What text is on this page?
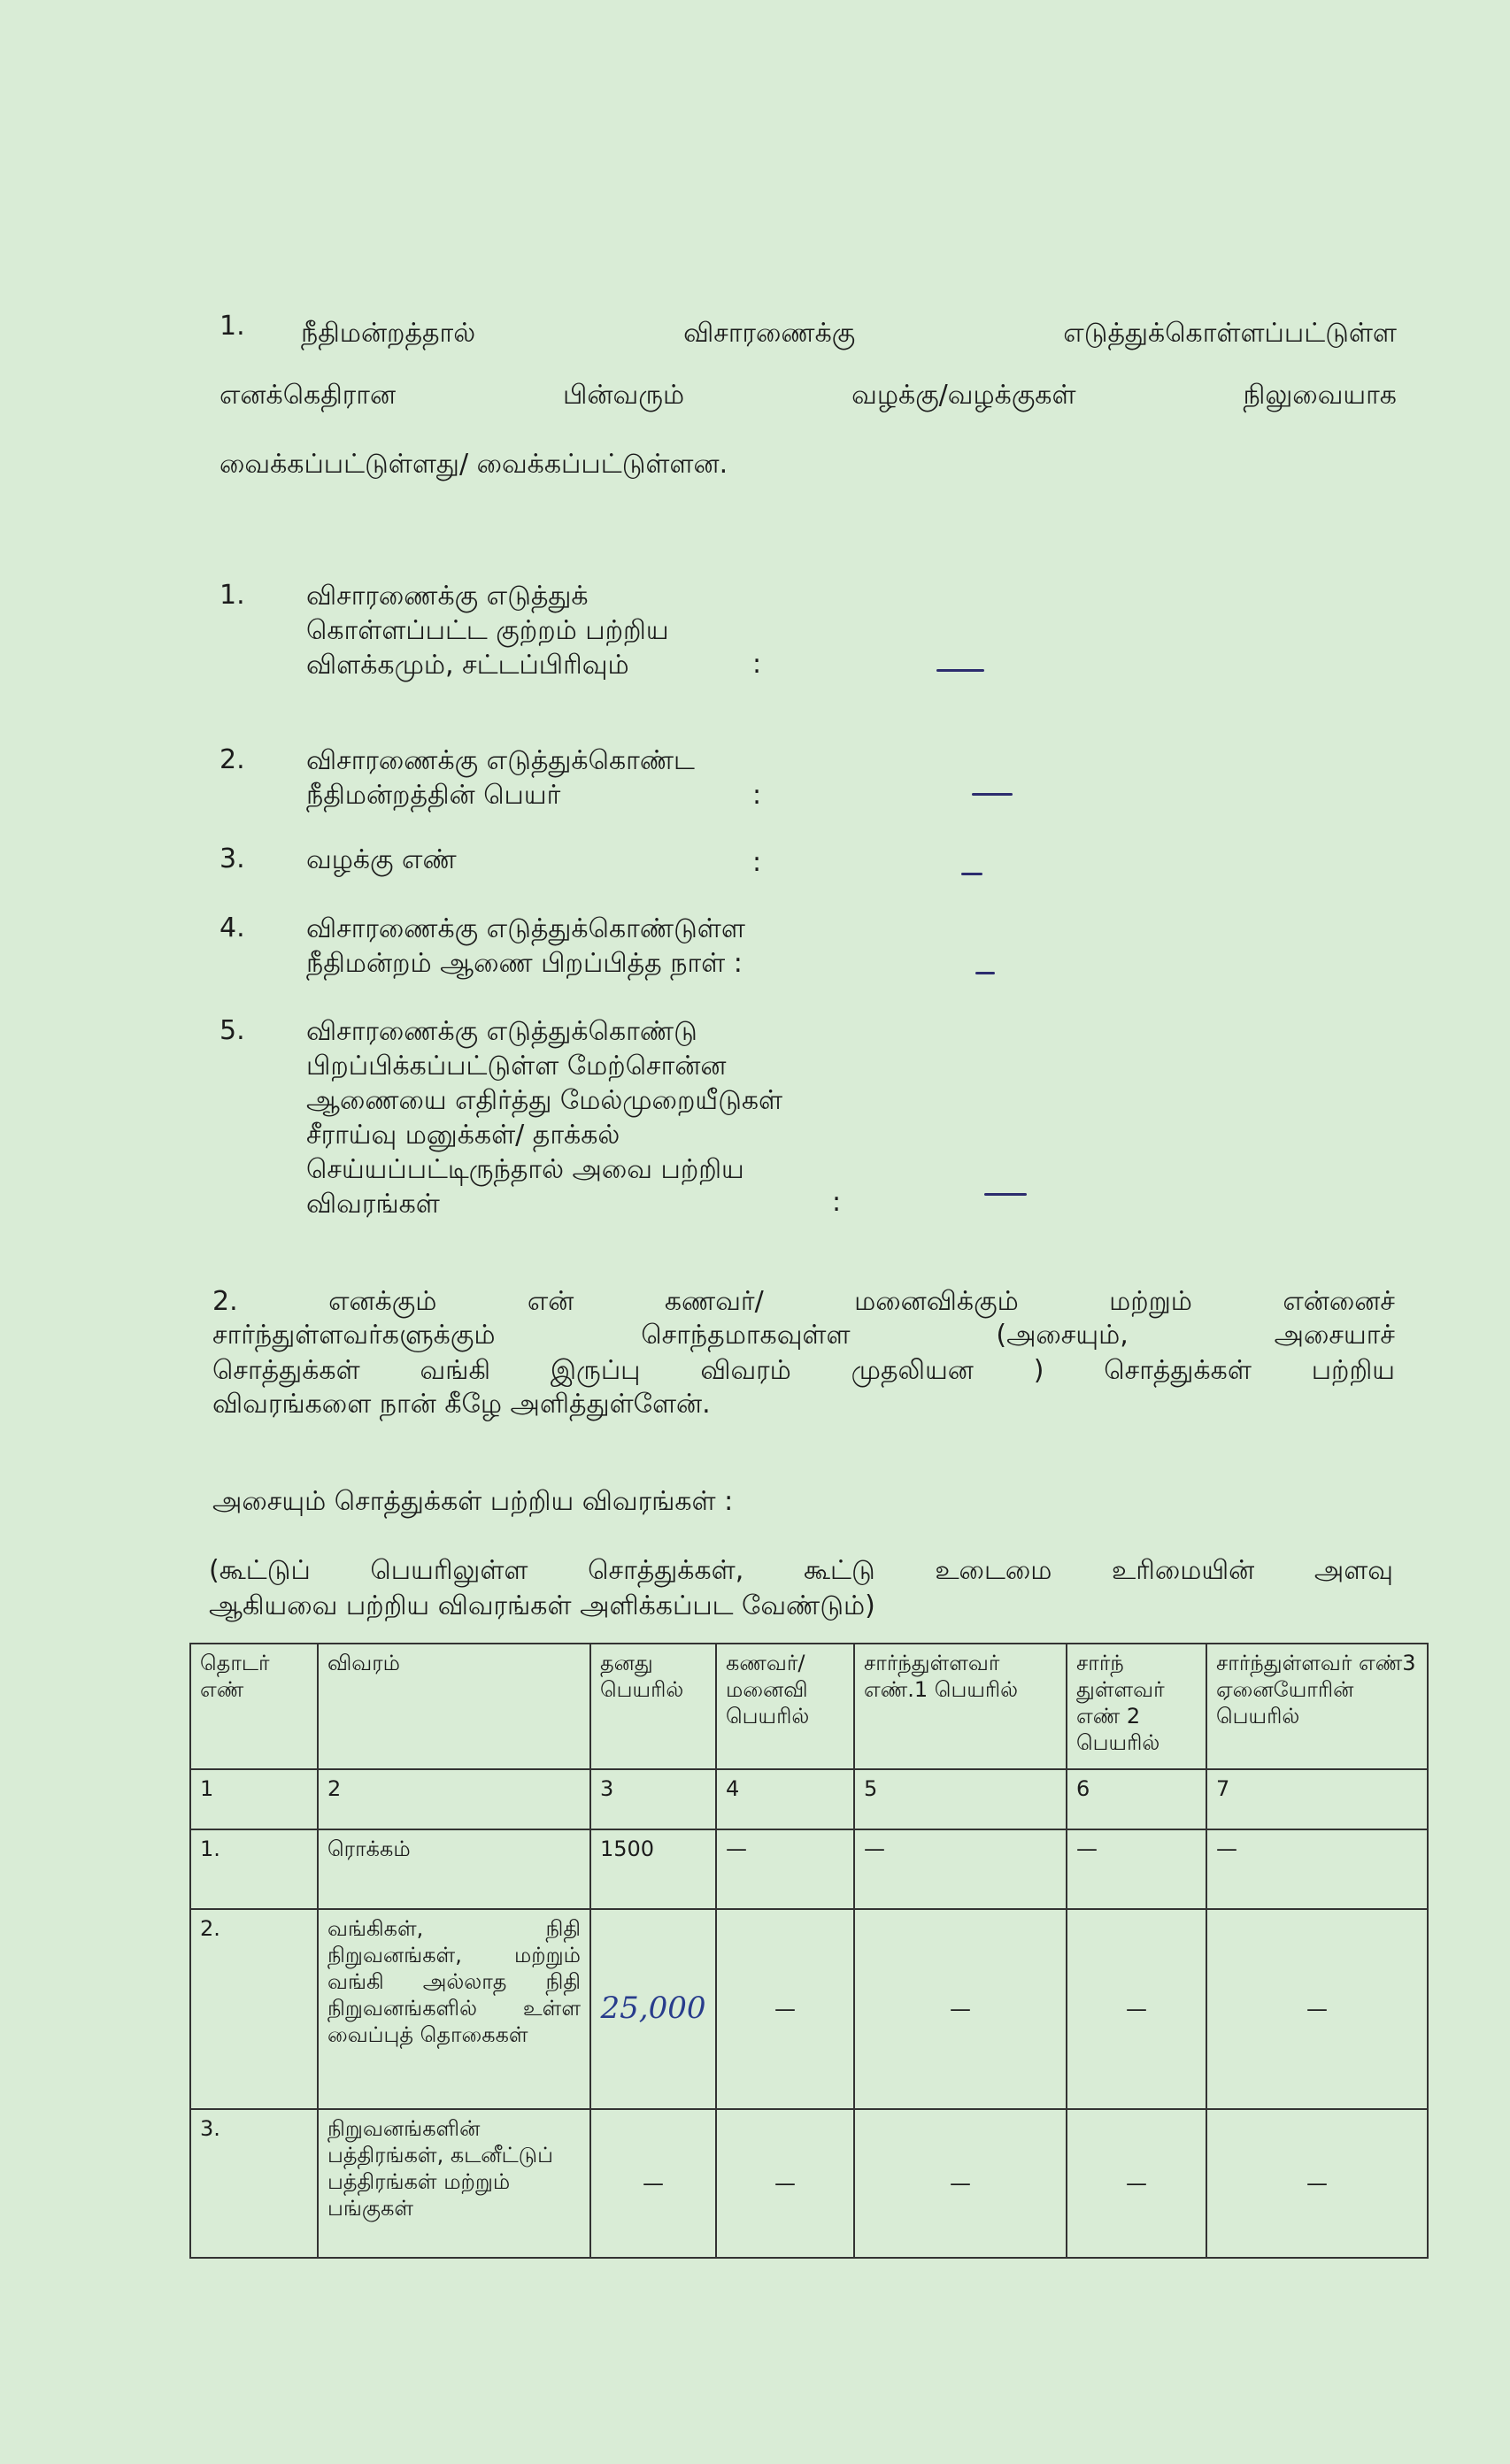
1. நீதிமன்றத்தால் விசாரணைக்கு எடுத்துக்கொள்ளப்பட்டுள்ள
எனக்கெதிரான பின்வரும் வழக்கு/வழக்குகள் நிலுவையாக
வைக்கப்பட்டுள்ளது/ வைக்கப்பட்டுள்ளன.
1. விசாரணைக்கு எடுத்துக்
கொள்ளப்பட்ட குற்றம் பற்றிய
விளக்கமும், சட்டப்பிரிவும்	:
2. விசாரணைக்கு எடுத்துக்கொண்ட
நீதிமன்றத்தின் பெயர்	:
3. வழக்கு எண்	:
4. விசாரணைக்கு எடுத்துக்கொண்டுள்ள
நீதிமன்றம் ஆணை பிறப்பித்த நாள் :
5. விசாரணைக்கு எடுத்துக்கொண்டு
பிறப்பிக்கப்பட்டுள்ள மேற்சொன்ன
ஆணையை எதிர்த்து மேல்முறையீடுகள்
சீராய்வு மனுக்கள்/ தாக்கல்
செய்யப்பட்டிருந்தால் அவை பற்றிய
விவரங்கள்	:
2.	எனக்கும் என் கணவர்/ மனைவிக்கும் மற்றும் என்னைச்
சார்ந்துள்ளவர்களுக்கும் சொந்தமாகவுள்ள (அசையும், அசையாச்
சொத்துக்கள் வங்கி இருப்பு விவரம் முதலியன ) சொத்துக்கள் பற்றிய
விவரங்களை நான் கீழே அளித்துள்ளேன்.
அசையும் சொத்துக்கள் பற்றிய விவரங்கள் :
(கூட்டுப் பெயரிலுள்ள சொத்துக்கள், கூட்டு உடைமை உரிமையின் அளவு
ஆகியவை பற்றிய விவரங்கள் அளிக்கப்பட வேண்டும்)
தொடர் எண்	விவரம்	தனது பெயரில்	கணவர்/ மனைவி பெயரில்	சார்ந்துள்ளவர் எண்.1 பெயரில்	சார்ந் துள்ளவர் எண் 2 பெயரில்	சார்ந்துள்ளவர் எண்3 ஏனையோரின் பெயரில்
1	2	3	4	5	6	7
1.	ரொக்கம்	1500	—	—	—	—
2.	வங்கிகள், நிதி நிறுவனங்கள், மற்றும் வங்கி அல்லாத நிதி நிறுவனங்களில் உள்ள வைப்புத் தொகைகள்	25,000	—	—	—	—
3.	நிறுவனங்களின் பத்திரங்கள், கடனீட்டுப் பத்திரங்கள் மற்றும் பங்குகள்	—	—	—	—	—
